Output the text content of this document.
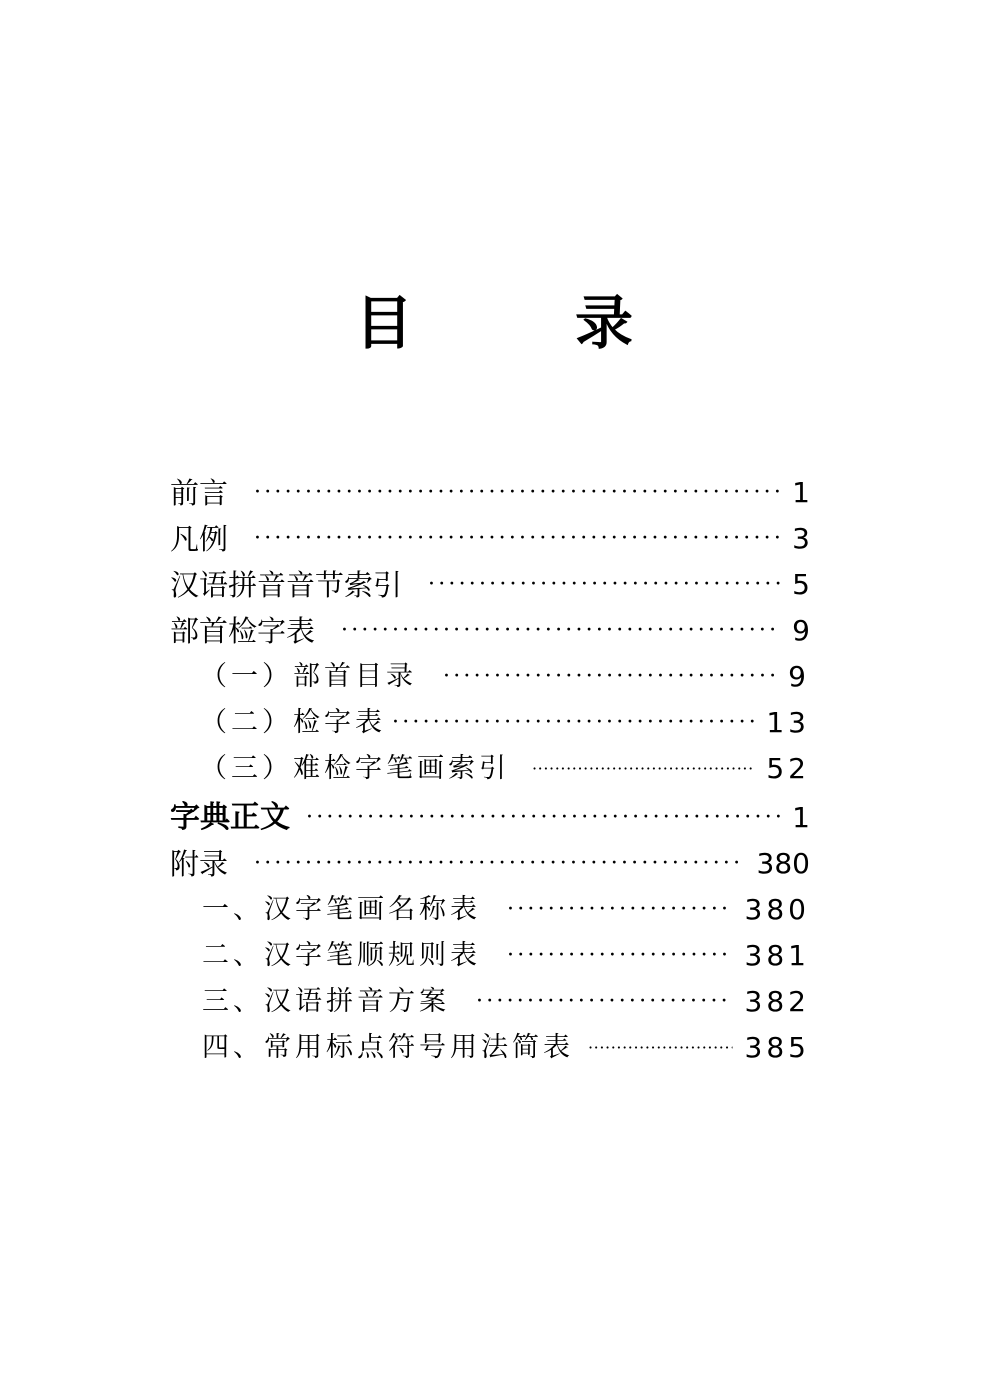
目　录
前言 ·····	1
凡例 ·····	3
汉语拼音音节索引 ·····	5
部首检字表 ·····	9
（一）部首目录 ·····	9
（二）检字表 ·····	13
（三）难检字笔画索引 ·····	52
字典正文 ·····	1
附录 ·····	380
一、汉字笔画名称表 ·····	380
二、汉字笔顺规则表 ·····	381
三、汉语拼音方案 ·····	382
四、常用标点符号用法简表 ·····	385
